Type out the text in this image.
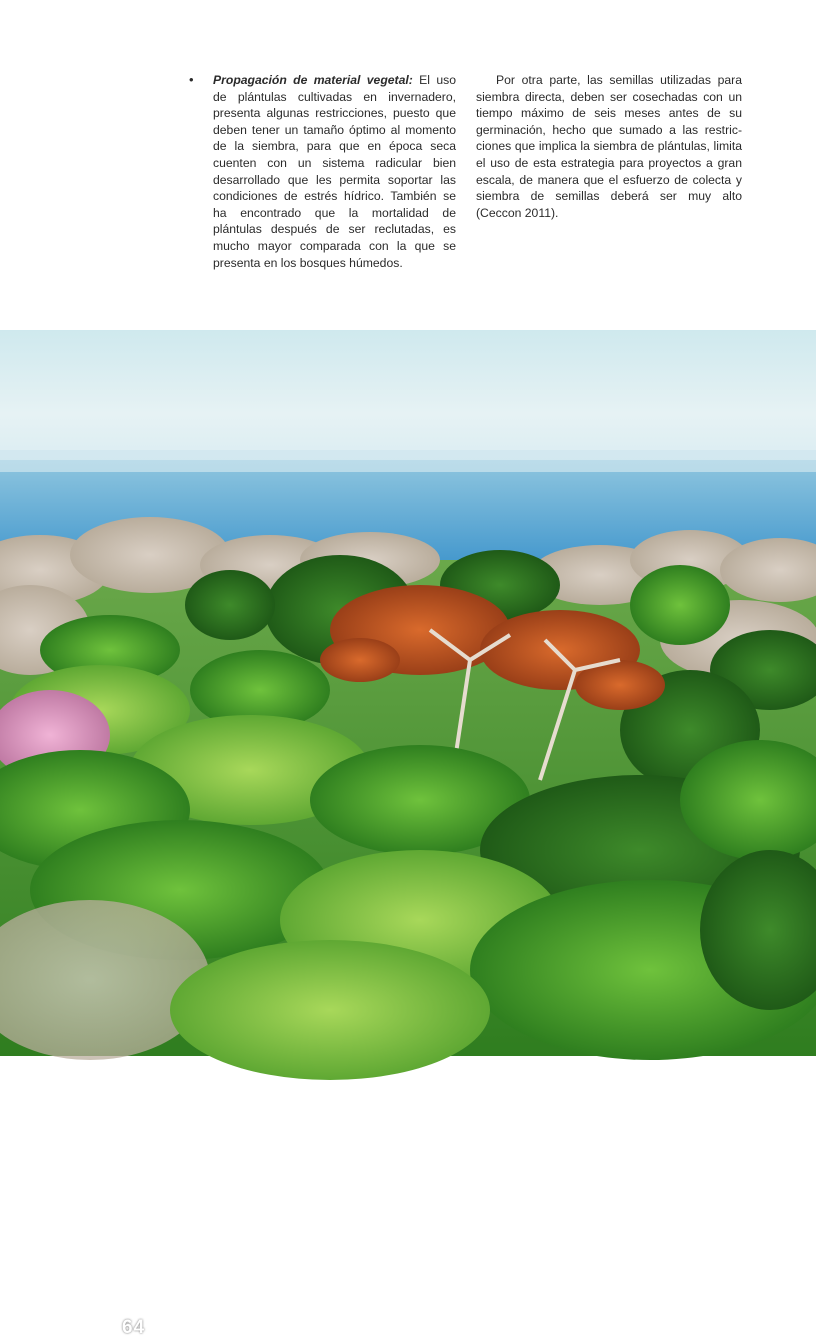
• Propagación de material vegetal: El uso de plántulas cultivadas en invernadero, presenta algunas restricciones, puesto que deben tener un tamaño óptimo al momento de la siembra, para que en época seca cuenten con un sistema radicular bien desarrollado que les permita soportar las condiciones de estrés hídrico. También se ha encontrado que la mortalidad de plántulas después de ser reclutadas, es mucho mayor comparada con la que se presenta en los bosques húmedos.
Por otra parte, las semillas utilizadas para siembra directa, deben ser cosechadas con un tiempo máximo de seis meses antes de su germinación, hecho que sumado a las restricciones que implica la siembra de plántulas, limita el uso de esta estrategia para proyectos a gran escala, de manera que el esfuerzo de colecta y siembra de semillas deberá ser muy alto (Ceccon 2011).
64
